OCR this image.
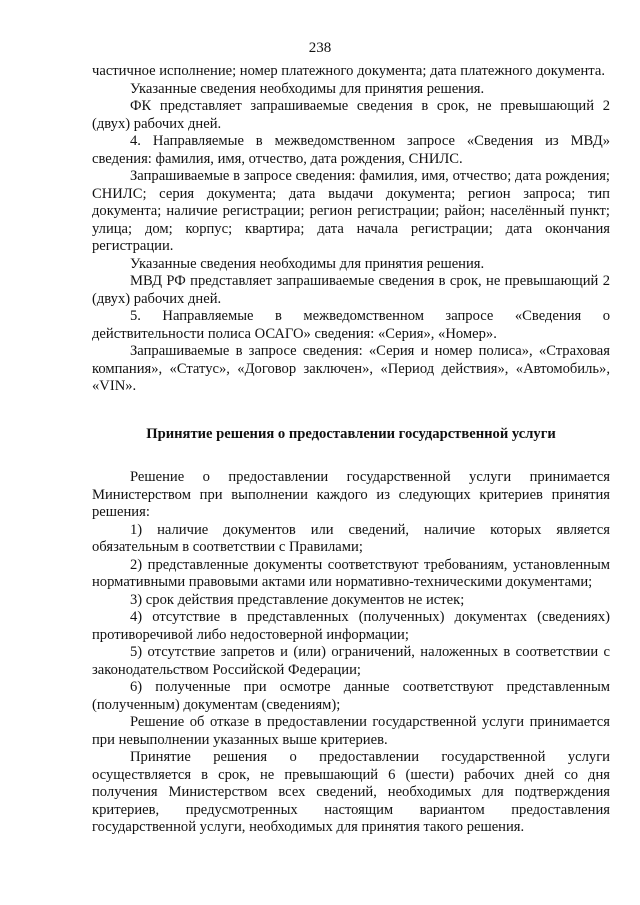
238

частичное исполнение; номер платежного документа; дата платежного документа.

Указанные сведения необходимы для принятия решения.

ФК представляет запрашиваемые сведения в срок, не превышающий 2 (двух) рабочих дней.

4. Направляемые в межведомственном запросе «Сведения из МВД» сведения: фамилия, имя, отчество, дата рождения, СНИЛС.

Запрашиваемые в запросе сведения: фамилия, имя, отчество; дата рождения; СНИЛС; серия документа; дата выдачи документа; регион запроса; тип документа; наличие регистрации; регион регистрации; район; населённый пункт; улица; дом; корпус; квартира; дата начала регистрации; дата окончания регистрации.

Указанные сведения необходимы для принятия решения.

МВД РФ представляет запрашиваемые сведения в срок, не превышающий 2 (двух) рабочих дней.

5. Направляемые в межведомственном запросе «Сведения о действительности полиса ОСАГО» сведения: «Серия», «Номер».

Запрашиваемые в запросе сведения: «Серия и номер полиса», «Страховая компания», «Статус», «Договор заключен», «Период действия», «Автомобиль», «VIN».

Принятие решения о предоставлении государственной услуги

Решение о предоставлении государственной услуги принимается Министерством при выполнении каждого из следующих критериев принятия решения:

1) наличие документов или сведений, наличие которых является обязательным в соответствии с Правилами;

2) представленные документы соответствуют требованиям, установленным нормативными правовыми актами или нормативно-техническими документами;

3) срок действия представление документов не истек;

4) отсутствие в представленных (полученных) документах (сведениях) противоречивой либо недостоверной информации;

5) отсутствие запретов и (или) ограничений, наложенных в соответствии с законодательством Российской Федерации;

6) полученные при осмотре данные соответствуют представленным (полученным) документам (сведениям);

Решение об отказе в предоставлении государственной услуги принимается при невыполнении указанных выше критериев.

Принятие решения о предоставлении государственной услуги осуществляется в срок, не превышающий 6 (шести) рабочих дней со дня получения Министерством всех сведений, необходимых для подтверждения критериев, предусмотренных настоящим вариантом предоставления государственной услуги, необходимых для принятия такого решения.
